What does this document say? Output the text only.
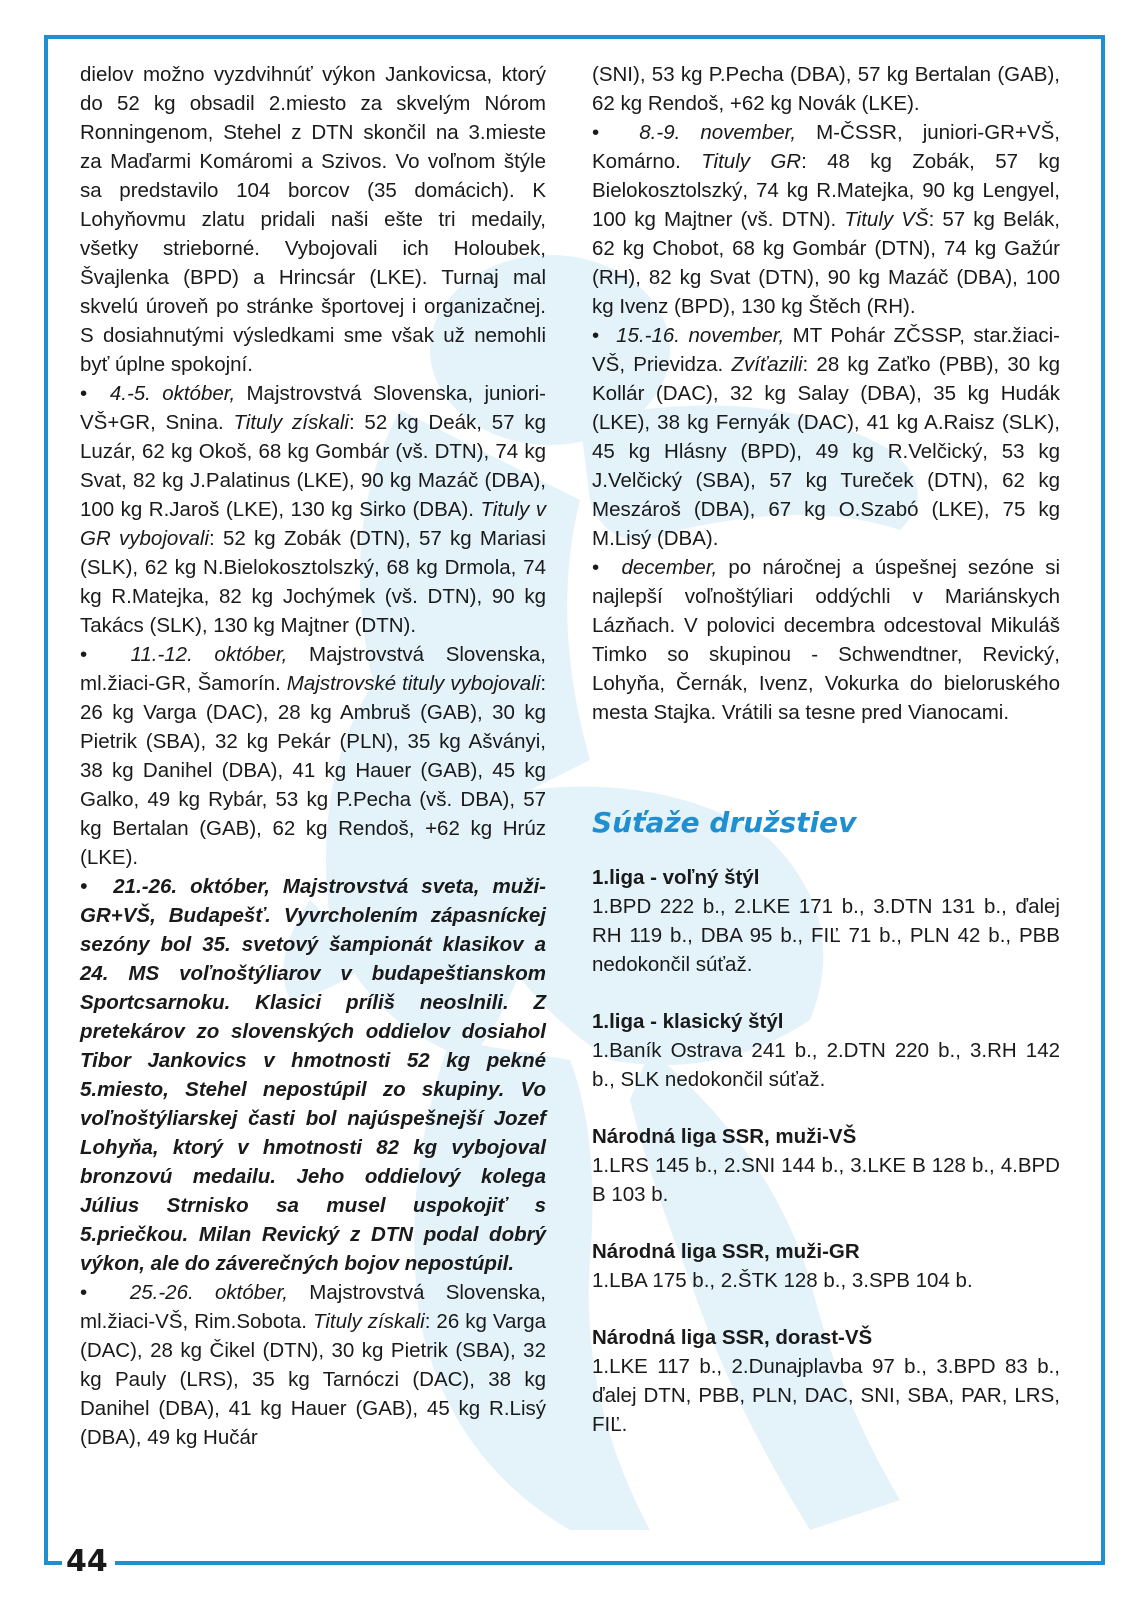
44

dielov možno vyzdvihnúť výkon Jankovicsa, ktorý do 52 kg obsadil 2.miesto za skvelým Nórom Ronningenom, Stehel z DTN skončil na 3.mieste za Maďarmi Komáromi a Szivos. Vo voľnom štýle sa predstavilo 104 borcov (35 domácich). K Lohyňovmu zlatu pridali naši ešte tri medaily, všetky strieborné. Vybojovali ich Holoubek, Švajlenka (BPD) a Hrincsár (LKE). Turnaj mal skvelú úroveň po stránke športovej i organizačnej. S dosiahnutými výsledkami sme však už nemohli byť úplne spokojní.

•  4.-5. október, Majstrovstvá Slovenska, juniori-VŠ+GR, Snina. Tituly získali: 52 kg Deák, 57 kg Luzár, 62 kg Okoš, 68 kg Gombár (vš. DTN), 74 kg Svat, 82 kg J.Palatinus (LKE), 90 kg Mazáč (DBA), 100 kg R.Jaroš (LKE), 130 kg Sirko (DBA). Tituly v GR vybojovali: 52 kg Zobák (DTN), 57 kg Mariasi (SLK), 62 kg N.Bielokosztolszký, 68 kg Drmola, 74 kg R.Matejka, 82 kg Jochýmek (vš. DTN), 90 kg Takács (SLK), 130 kg Majtner (DTN).

•  11.-12. október, Majstrovstvá Slovenska, ml.žiaci-GR, Šamorín. Majstrovské tituly vybojovali: 26 kg Varga (DAC), 28 kg Ambruš (GAB), 30 kg Pietrik (SBA), 32 kg Pekár (PLN), 35 kg Ašványi, 38 kg Danihel (DBA), 41 kg Hauer (GAB), 45 kg Galko, 49 kg Rybár, 53 kg P.Pecha (vš. DBA), 57 kg Bertalan (GAB), 62 kg Rendoš, +62 kg Hrúz (LKE).

•  21.-26. október, Majstrovstvá sveta, muži-GR+VŠ, Budapešť. Vyvrcholením zápasníckej sezóny bol 35. svetový šampionát klasikov a 24. MS voľnoštýliarov v budapeštianskom Sportcsarnoku. Klasici príliš neoslnili. Z pretekárov zo slovenských oddielov dosiahol Tibor Jankovics v hmotnosti 52 kg pekné 5.miesto, Stehel nepostúpil zo skupiny. Vo voľnoštýliarskej časti bol najúspešnejší Jozef Lohyňa, ktorý v hmotnosti 82 kg vybojoval bronzovú medailu. Jeho oddielový kolega Július Strnisko sa musel uspokojiť s 5.priečkou. Milan Revický z DTN podal dobrý výkon, ale do záverečných bojov nepostúpil.

•  25.-26. október, Majstrovstvá Slovenska, ml.žiaci-VŠ, Rim.Sobota. Tituly získali: 26 kg Varga (DAC), 28 kg Čikel (DTN), 30 kg Pietrik (SBA), 32 kg Pauly (LRS), 35 kg Tarnóczi (DAC), 38 kg Danihel (DBA), 41 kg Hauer (GAB), 45 kg R.Lisý (DBA), 49 kg Hučár

(SNI), 53 kg P.Pecha (DBA), 57 kg Bertalan (GAB), 62 kg Rendoš, +62 kg Novák (LKE).

•  8.-9. november, M-ČSSR, juniori-GR+VŠ, Komárno. Tituly GR: 48 kg Zobák, 57 kg Bielokosztolszký, 74 kg R.Matejka, 90 kg Lengyel, 100 kg Majtner (vš. DTN). Tituly VŠ: 57 kg Belák, 62 kg Chobot, 68 kg Gombár (DTN), 74 kg Gažúr (RH), 82 kg Svat (DTN), 90 kg Mazáč (DBA), 100 kg Ivenz (BPD), 130 kg Štěch (RH).

•  15.-16. november, MT Pohár ZČSSP, star.žiaci-VŠ, Prievidza. Zvíťazili: 28 kg Zaťko (PBB), 30 kg Kollár (DAC), 32 kg Salay (DBA), 35 kg Hudák (LKE), 38 kg Fernyák (DAC), 41 kg A.Raisz (SLK), 45 kg Hlásny (BPD), 49 kg R.Velčický, 53 kg J.Velčický (SBA), 57 kg Tureček (DTN), 62 kg Meszároš (DBA), 67 kg O.Szabó (LKE), 75 kg M.Lisý (DBA).

•  december, po náročnej a úspešnej sezóne si najlepší voľnoštýliari oddýchli v Mariánskych Lázňach. V polovici decembra odcestoval Mikuláš Timko so skupinou - Schwendtner, Revický, Lohyňa, Černák, Ivenz, Vokurka do bieloruského mesta Stajka. Vrátili sa tesne pred Vianocami.

Súťaže družstiev

1.liga - voľný štýl

1.BPD 222 b., 2.LKE 171 b., 3.DTN 131 b., ďalej RH 119 b., DBA 95 b., FIĽ 71 b., PLN 42 b., PBB nedokončil súťaž.

1.liga - klasický štýl

1.Baník Ostrava 241 b., 2.DTN 220 b., 3.RH 142 b., SLK nedokončil súťaž.

Národná liga SSR, muži-VŠ

1.LRS 145 b., 2.SNI 144 b., 3.LKE B 128 b., 4.BPD B 103 b.

Národná liga SSR, muži-GR

1.LBA 175 b., 2.ŠTK 128 b., 3.SPB 104 b.

Národná liga SSR, dorast-VŠ

1.LKE 117 b., 2.Dunajplavba 97 b., 3.BPD 83 b., ďalej DTN, PBB, PLN, DAC, SNI, SBA, PAR, LRS, FIĽ.
